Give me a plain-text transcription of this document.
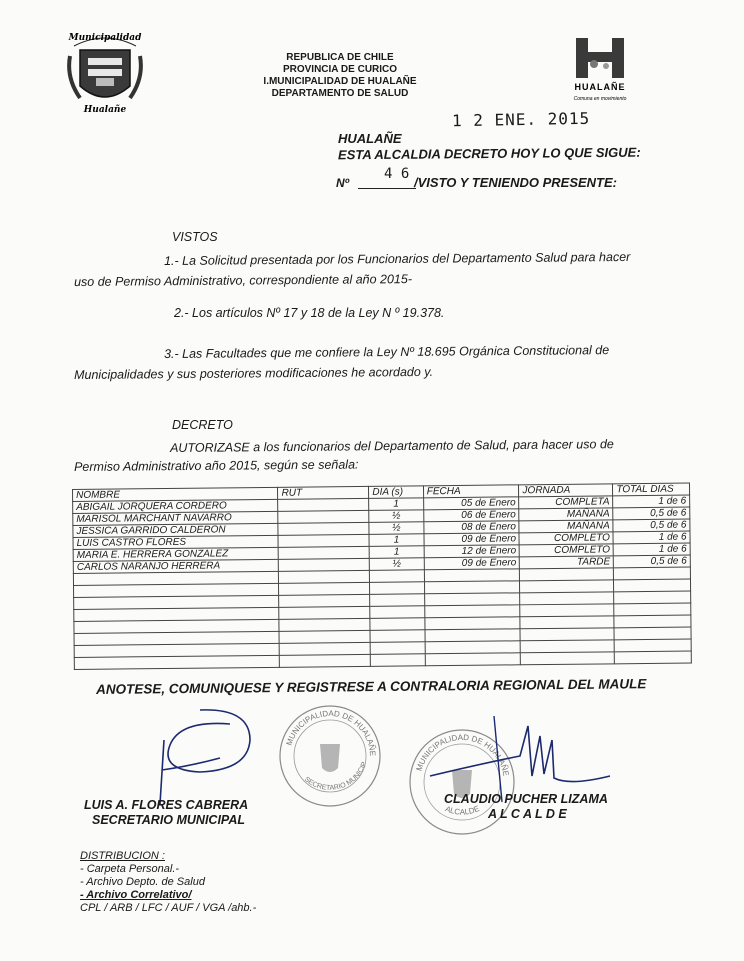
Municipalidad
Hualañe
REPUBLICA DE CHILE
PROVINCIA DE CURICO
I.MUNICIPALIDAD DE HUALAÑE
DEPARTAMENTO DE SALUD
HUALAÑE
Comuna en movimiento
1 2 ENE. 2015
HUALAÑE
ESTA ALCALDIA DECRETO HOY LO QUE SIGUE:
Nº
4 6
/VISTO Y TENIENDO PRESENTE:
VISTOS
1.- La Solicitud presentada por los Funcionarios del Departamento Salud para hacer
uso de Permiso Administrativo, correspondiente al año 2015-
2.- Los artículos Nº 17 y 18 de la Ley N º 19.378.
3.- Las Facultades que me confiere la Ley Nº 18.695 Orgánica Constitucional de
Municipalidades y sus posteriores modificaciones he acordado y.
DECRETO
AUTORIZASE a los funcionarios del Departamento de Salud, para hacer uso de
Permiso Administrativo año 2015, según se señala:
NOMBRE	RUT	DIA (s)	FECHA	JORNADA	TOTAL DIAS
ABIGAIL JORQUERA CORDERO		1	05 de Enero	COMPLETA	1 de 6
MARISOL MARCHANT NAVARRO		½	06 de Enero	MAÑANA	0,5 de 6
JESSICA GARRIDO CALDERON		½	08 de Enero	MAÑANA	0,5 de 6
LUIS CASTRO FLORES		1	09 de Enero	COMPLETO	1 de 6
MARIA E. HERRERA GONZALEZ		1	12 de Enero	COMPLETO	1 de 6
CARLOS NARANJO HERRERA		½	09 de Enero	TARDE	0,5 de 6

ANOTESE, COMUNIQUESE Y REGISTRESE A CONTRALORIA REGIONAL DEL MAULE
MUNICIPALIDAD DE HUALAÑE
SECRETARIO MUNICIP	MUNICIPALIDAD DE HUALAÑE
ALCALDE
LUIS A. FLORES CABRERA
SECRETARIO MUNICIPAL
CLAUDIO PUCHER LIZAMA
A L C A L D E
DISTRIBUCION :
- Carpeta Personal.-
- Archivo Depto. de Salud
- Archivo Correlativo/
CPL / ARB / LFC / AUF / VGA /ahb.-
